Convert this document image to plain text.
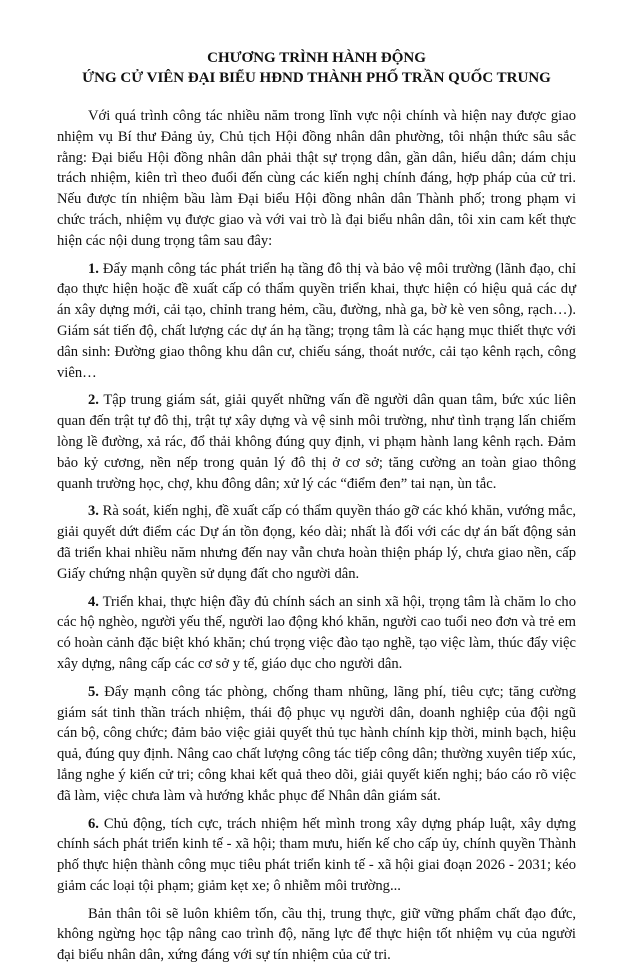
CHƯƠNG TRÌNH HÀNH ĐỘNG
ỨNG CỬ VIÊN ĐẠI BIỂU HĐND THÀNH PHỐ TRẦN QUỐC TRUNG

Với quá trình công tác nhiều năm trong lĩnh vực nội chính và hiện nay được giao nhiệm vụ Bí thư Đảng ủy, Chủ tịch Hội đồng nhân dân phường, tôi nhận thức sâu sắc rằng: Đại biểu Hội đồng nhân dân phải thật sự trọng dân, gần dân, hiểu dân; dám chịu trách nhiệm, kiên trì theo đuổi đến cùng các kiến nghị chính đáng, hợp pháp của cử tri. Nếu được tín nhiệm bầu làm Đại biểu Hội đồng nhân dân Thành phố; trong phạm vi chức trách, nhiệm vụ được giao và với vai trò là đại biểu nhân dân, tôi xin cam kết thực hiện các nội dung trọng tâm sau đây:

1. Đẩy mạnh công tác phát triển hạ tầng đô thị và bảo vệ môi trường (lãnh đạo, chỉ đạo thực hiện hoặc đề xuất cấp có thẩm quyền triển khai, thực hiện có hiệu quả các dự án xây dựng mới, cải tạo, chỉnh trang hẻm, cầu, đường, nhà ga, bờ kè ven sông, rạch…). Giám sát tiến độ, chất lượng các dự án hạ tầng; trọng tâm là các hạng mục thiết thực với dân sinh: Đường giao thông khu dân cư, chiếu sáng, thoát nước, cải tạo kênh rạch, công viên…

2. Tập trung giám sát, giải quyết những vấn đề người dân quan tâm, bức xúc liên quan đến trật tự đô thị, trật tự xây dựng và vệ sinh môi trường, như tình trạng lấn chiếm lòng lề đường, xả rác, đổ thải không đúng quy định, vi phạm hành lang kênh rạch. Đảm bảo kỷ cương, nền nếp trong quản lý đô thị ở cơ sở; tăng cường an toàn giao thông quanh trường học, chợ, khu đông dân; xử lý các “điểm đen” tai nạn, ùn tắc.

3. Rà soát, kiến nghị, đề xuất cấp có thẩm quyền tháo gỡ các khó khăn, vướng mắc, giải quyết dứt điểm các Dự án tồn đọng, kéo dài; nhất là đối với các dự án bất động sản đã triển khai nhiều năm nhưng đến nay vẫn chưa hoàn thiện pháp lý, chưa giao nền, cấp Giấy chứng nhận quyền sử dụng đất cho người dân.

4. Triển khai, thực hiện đầy đủ chính sách an sinh xã hội, trọng tâm là chăm lo cho các hộ nghèo, người yếu thế, người lao động khó khăn, người cao tuổi neo đơn và trẻ em có hoàn cảnh đặc biệt khó khăn; chú trọng việc đào tạo nghề, tạo việc làm, thúc đẩy việc xây dựng, nâng cấp các cơ sở y tế, giáo dục cho người dân.

5. Đẩy mạnh công tác phòng, chống tham nhũng, lãng phí, tiêu cực; tăng cường giám sát tinh thần trách nhiệm, thái độ phục vụ người dân, doanh nghiệp của đội ngũ cán bộ, công chức; đảm bảo việc giải quyết thủ tục hành chính kịp thời, minh bạch, hiệu quả, đúng quy định. Nâng cao chất lượng công tác tiếp công dân; thường xuyên tiếp xúc, lắng nghe ý kiến cử tri; công khai kết quả theo dõi, giải quyết kiến nghị; báo cáo rõ việc đã làm, việc chưa làm và hướng khắc phục để Nhân dân giám sát.

6. Chủ động, tích cực, trách nhiệm hết mình trong xây dựng pháp luật, xây dựng chính sách phát triển kinh tế - xã hội; tham mưu, hiến kế cho cấp ủy, chính quyền Thành phố thực hiện thành công mục tiêu phát triển kinh tế - xã hội giai đoạn 2026 - 2031; kéo giảm các loại tội phạm; giảm kẹt xe; ô nhiễm môi trường...

Bản thân tôi sẽ luôn khiêm tốn, cầu thị, trung thực, giữ vững phẩm chất đạo đức, không ngừng học tập nâng cao trình độ, năng lực để thực hiện tốt nhiệm vụ của người đại biểu nhân dân, xứng đáng với sự tín nhiệm của cử tri.
